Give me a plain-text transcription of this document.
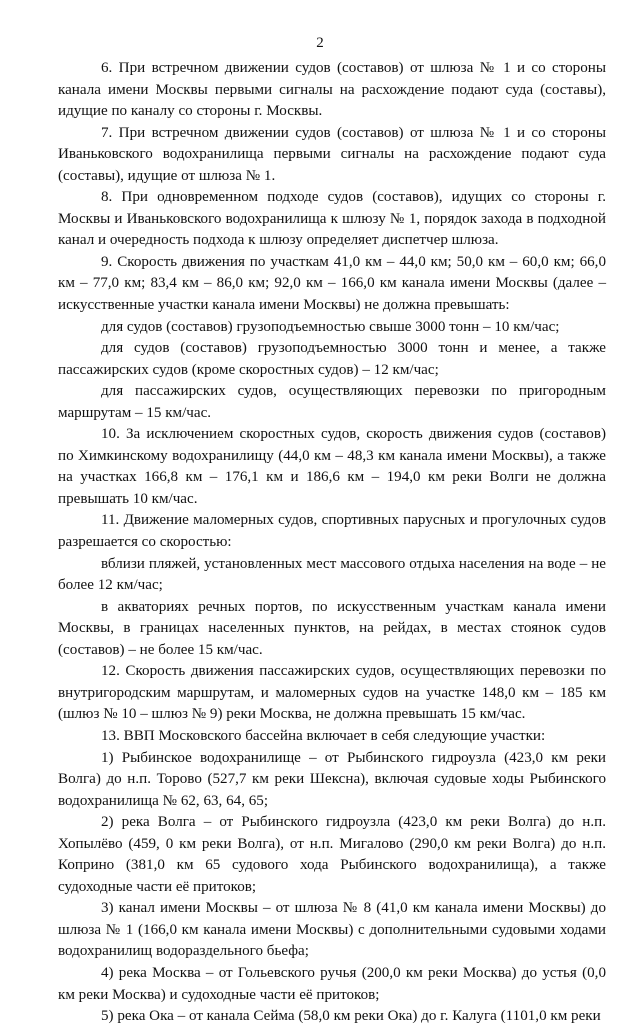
2

6. При встречном движении судов (составов) от шлюза № 1 и со стороны канала имени Москвы первыми сигналы на расхождение подают суда (составы), идущие по каналу со стороны г. Москвы.

7. При встречном движении судов (составов) от шлюза № 1 и со стороны Иваньковского водохранилища первыми сигналы на расхождение подают суда (составы), идущие от шлюза № 1.

8. При одновременном подходе судов (составов), идущих со стороны г. Москвы и Иваньковского водохранилища к шлюзу № 1, порядок захода в подходной канал и очередность подхода к шлюзу определяет диспетчер шлюза.

9. Скорость движения по участкам 41,0 км – 44,0 км; 50,0 км – 60,0 км; 66,0 км – 77,0 км; 83,4 км – 86,0 км; 92,0 км – 166,0 км канала имени Москвы (далее – искусственные участки канала имени Москвы) не должна превышать:

для судов (составов) грузоподъемностью свыше 3000 тонн – 10 км/час;

для судов (составов) грузоподъемностью 3000 тонн и менее, а также пассажирских судов (кроме скоростных судов) – 12 км/час;

для пассажирских судов, осуществляющих перевозки по пригородным маршрутам – 15 км/час.

10. За исключением скоростных судов, скорость движения судов (составов) по Химкинскому водохранилищу (44,0 км – 48,3 км канала имени Москвы), а также на участках 166,8 км – 176,1 км и 186,6 км – 194,0 км реки Волги не должна превышать 10 км/час.

11. Движение маломерных судов, спортивных парусных и прогулочных судов разрешается со скоростью:

вблизи пляжей, установленных мест массового отдыха населения на воде – не более 12 км/час;

в акваториях речных портов, по искусственным участкам канала имени Москвы, в границах населенных пунктов, на рейдах, в местах стоянок судов (составов) – не более 15 км/час.

12. Скорость движения пассажирских судов, осуществляющих перевозки по внутригородским маршрутам, и маломерных судов на участке 148,0 км – 185 км (шлюз № 10 – шлюз № 9) реки Москва, не должна превышать 15 км/час.

13. ВВП Московского бассейна включает в себя следующие участки:

1) Рыбинское водохранилище – от Рыбинского гидроузла (423,0 км реки Волга) до н.п. Торово (527,7 км реки Шексна), включая судовые ходы Рыбинского водохранилища № 62, 63, 64, 65;

2) река Волга – от Рыбинского гидроузла (423,0 км реки Волга) до н.п. Хопылёво (459, 0 км реки Волга), от н.п. Мигалово (290,0 км реки Волга) до н.п. Коприно (381,0 км 65 судового хода Рыбинского водохранилища), а также судоходные части её притоков;

3) канал имени Москвы – от шлюза № 8 (41,0 км канала имени Москвы) до шлюза № 1 (166,0 км канала имени Москвы) с дополнительными судовыми ходами водохранилищ водораздельного бьефа;

4) река Москва – от Гольевского ручья (200,0 км реки Москва) до устья (0,0 км реки Москва) и судоходные части её притоков;

5) река Ока – от канала Сейма (58,0 км реки Ока) до г. Калуга (1101,0 км реки
